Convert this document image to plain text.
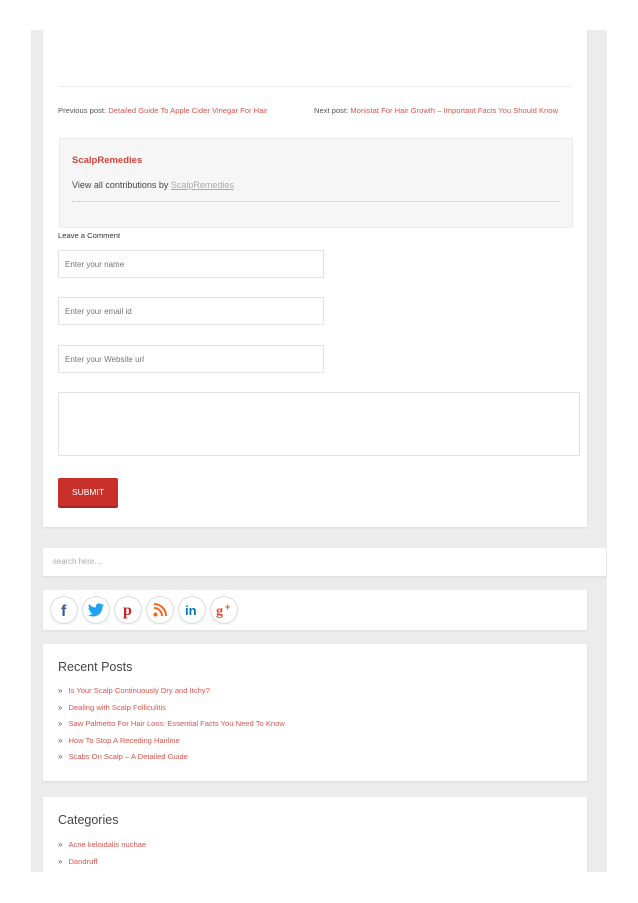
Previous post: Detailed Guide To Apple Cider Vinegar For Hair	Next post: Monistat For Hair Growth – Important Facts You Should Know
ScalpRemedies
View all contributions by ScalpRemedies
Leave a Comment
Enter your name
Enter your email id
Enter your Website url
SUBMIT
search here…
f	p	in g +
Recent Posts
» Is Your Scalp Continuously Dry and Itchy?
» Dealing with Scalp Folliculitis
» Saw Palmetto For Hair Loss: Essential Facts You Need To Know
» How To Stop A Receding Hairline
» Scabs On Scalp – A Detailed Guide
Categories
» Acne keloidalis nuchae
» Dandruff
